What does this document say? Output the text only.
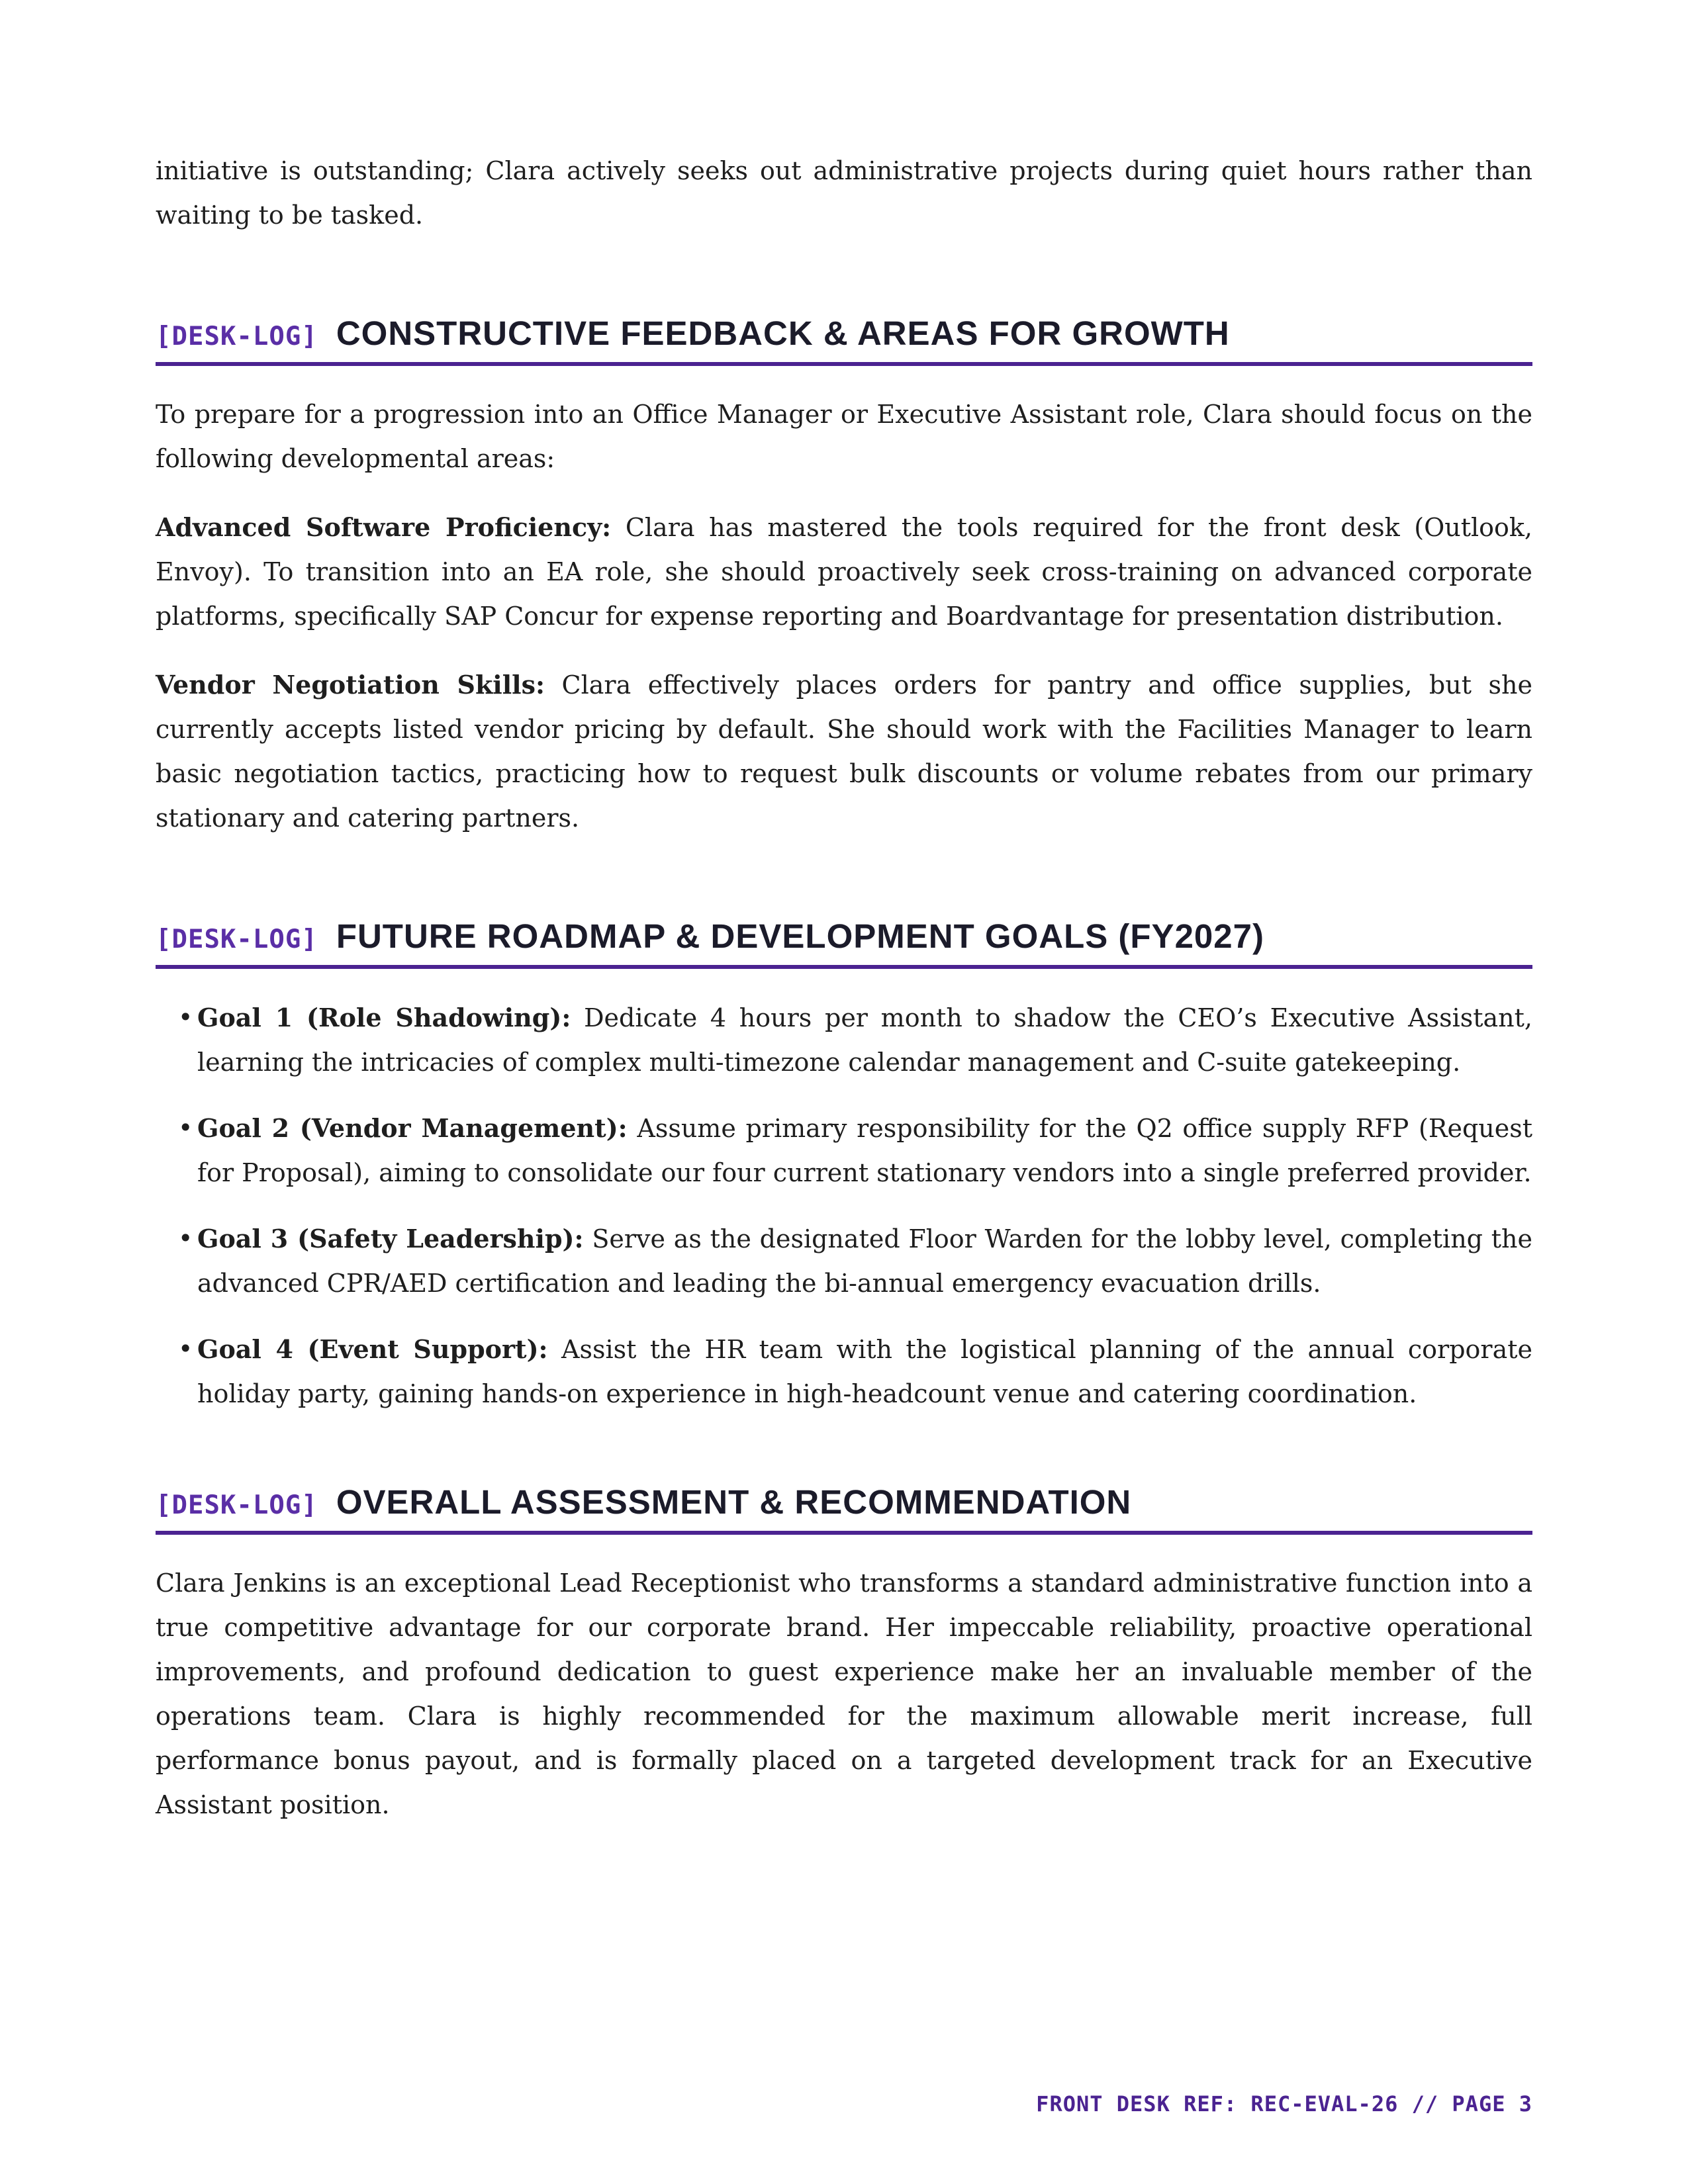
initiative is outstanding; Clara actively seeks out administrative projects during quiet hours rather than waiting to be tasked.

[DESK-LOG] CONSTRUCTIVE FEEDBACK & AREAS FOR GROWTH

To prepare for a progression into an Office Manager or Executive Assistant role, Clara should focus on the following developmental areas:

Advanced Software Proficiency: Clara has mastered the tools required for the front desk (Outlook, Envoy). To transition into an EA role, she should proactively seek cross-training on advanced corporate platforms, specifically SAP Concur for expense reporting and Boardvantage for presentation distribution.

Vendor Negotiation Skills: Clara effectively places orders for pantry and office supplies, but she currently accepts listed vendor pricing by default. She should work with the Facilities Manager to learn basic negotiation tactics, practicing how to request bulk discounts or volume rebates from our primary stationary and catering partners.

[DESK-LOG] FUTURE ROADMAP & DEVELOPMENT GOALS (FY2027)
• Goal 1 (Role Shadowing): Dedicate 4 hours per month to shadow the CEO’s Executive Assistant, learning the intricacies of complex multi-timezone calendar management and C-suite gatekeeping.
• Goal 2 (Vendor Management): Assume primary responsibility for the Q2 office supply RFP (Request for Proposal), aiming to consolidate our four current stationary vendors into a single preferred provider.
• Goal 3 (Safety Leadership): Serve as the designated Floor Warden for the lobby level, completing the advanced CPR/AED certification and leading the bi-annual emergency evacuation drills.
• Goal 4 (Event Support): Assist the HR team with the logistical planning of the annual corporate holiday party, gaining hands-on experience in high-headcount venue and catering coordination.
[DESK-LOG] OVERALL ASSESSMENT & RECOMMENDATION

Clara Jenkins is an exceptional Lead Receptionist who transforms a standard administrative function into a true competitive advantage for our corporate brand. Her impeccable reliability, proactive operational improvements, and profound dedication to guest experience make her an invaluable member of the operations team. Clara is highly recommended for the maximum allowable merit increase, full performance bonus payout, and is formally placed on a targeted development track for an Executive Assistant position.

FRONT DESK REF: REC-EVAL-26 // PAGE 3
